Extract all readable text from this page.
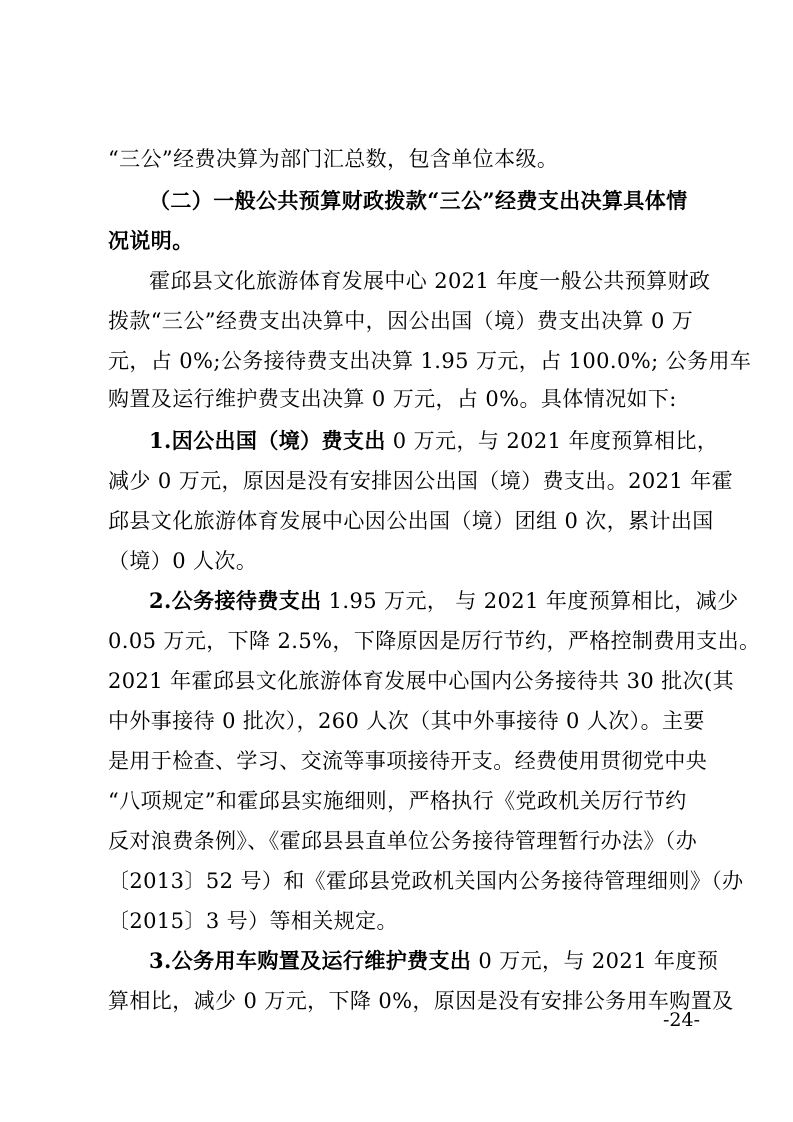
“三公”经费决算为部门汇总数，包含单位本级。
（二）一般公共预算财政拨款“三公”经费支出决算具体情
况说明。
霍邱县文化旅游体育发展中心 2021 年度一般公共预算财政
拨款“三公”经费支出决算中，因公出国（境）费支出决算 0 万
元，占 0%;公务接待费支出决算 1.95 万元，占 100.0%; 公务用车
购置及运行维护费支出决算 0 万元，占 0%。具体情况如下:
1.因公出国（境）费支出 0 万元，与 2021 年度预算相比，
减少 0 万元，原因是没有安排因公出国（境）费支出。2021 年霍
邱县文化旅游体育发展中心因公出国（境）团组 0 次，累计出国
（境）0 人次。
2.公务接待费支出 1.95 万元， 与 2021 年度预算相比，减少
0.05 万元，下降 2.5%，下降原因是厉行节约，严格控制费用支出。
2021 年霍邱县文化旅游体育发展中心国内公务接待共 30 批次(其
中外事接待 0 批次），260 人次（其中外事接待 0 人次）。主要
是用于检查、学习、交流等事项接待开支。经费使用贯彻党中央
“八项规定”和霍邱县实施细则，严格执行《党政机关厉行节约
反对浪费条例》、《霍邱县县直单位公务接待管理暂行办法》（办
〔2013〕52 号）和《霍邱县党政机关国内公务接待管理细则》（办
〔2015〕3 号）等相关规定。
3.公务用车购置及运行维护费支出 0 万元，与 2021 年度预
算相比，减少 0 万元，下降 0%，原因是没有安排公务用车购置及
-24-
